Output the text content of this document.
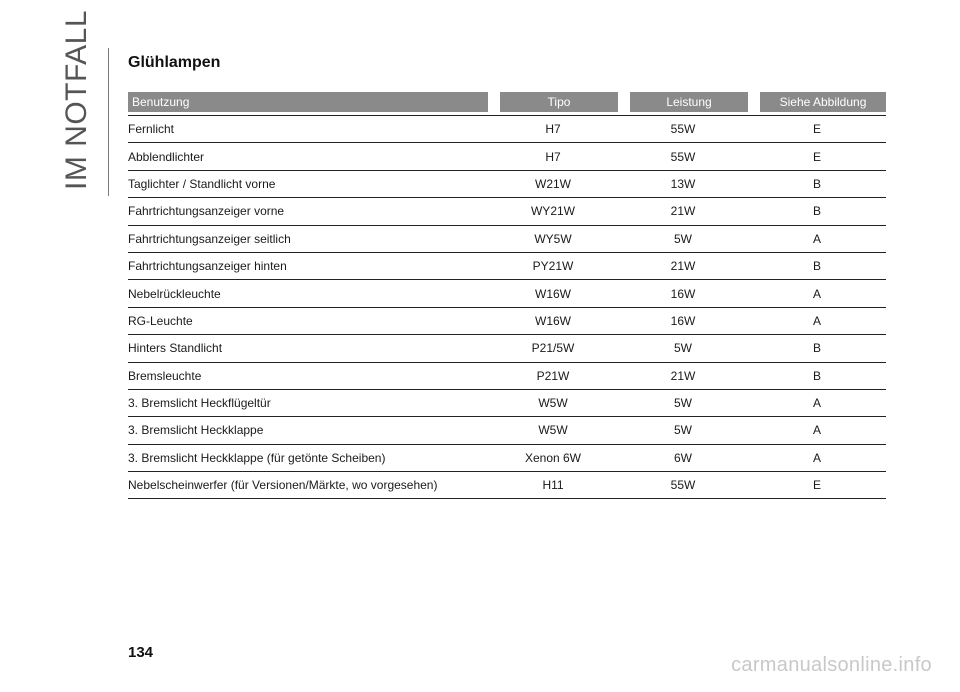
IM NOTFALL Glühlampen
Benutzung		Tipo		Leistung		Siehe Abbildung

Fernlicht	H7		55W		E	
Abblendlichter	H7		55W		E	
Taglichter / Standlicht vorne	W21W		13W		B	
Fahrtrichtungsanzeiger vorne	WY21W		21W		B	
Fahrtrichtungsanzeiger seitlich	WY5W		5W		A	
Fahrtrichtungsanzeiger hinten	PY21W		21W		B	
Nebelrückleuchte	W16W		16W		A	
RG-Leuchte	W16W		16W		A	
Hinters Standlicht	P21/5W		5W		B	
Bremsleuchte	P21W		21W		B	
3. Bremslicht Heckflügeltür	W5W		5W		A	
3. Bremslicht Heckklappe	W5W		5W		A	
3. Bremslicht Heckklappe (für getönte Scheiben)	Xenon 6W		6W		A	
Nebelscheinwerfer (für Versionen/Märkte, wo vorgesehen)	H11		55W		E	
134
carmanualsonline.info
